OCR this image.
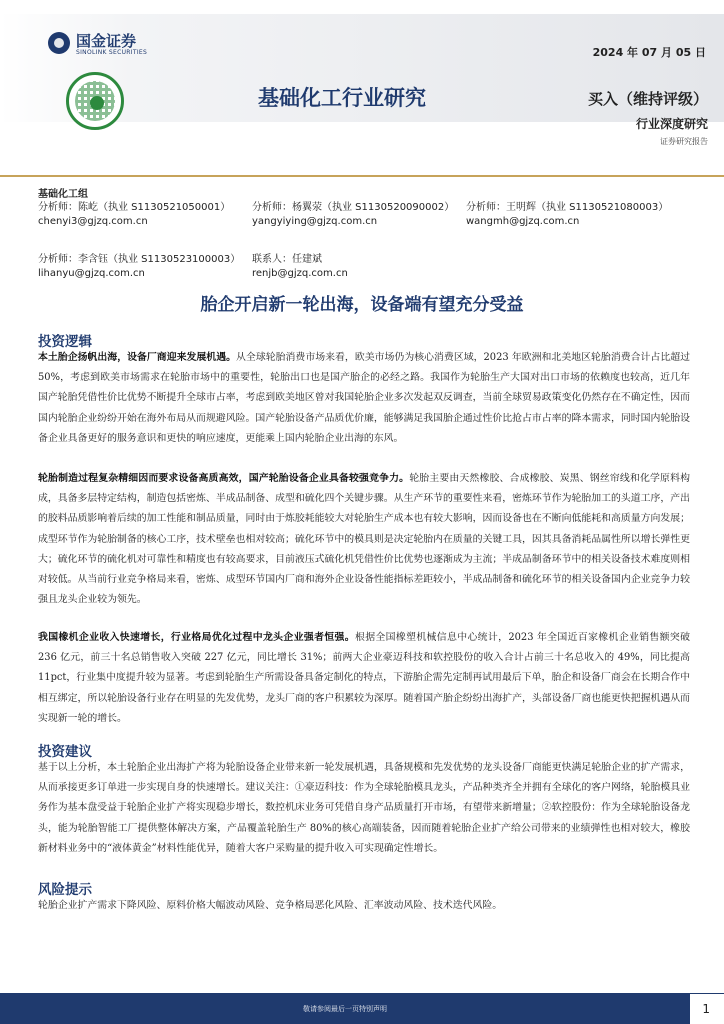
国金证券
SINOLINK SECURITIES	2024 年 07 月 05 日
基础化工行业研究	买入（维持评级）
行业深度研究
证券研究报告
基础化工组
分析师：陈屹（执业 S1130521050001）
chenyi3@gjzq.com.cn
分析师：杨翼荥（执业 S1130520090002）
yangyiying@gjzq.com.cn
分析师：王明辉（执业 S1130521080003）
wangmh@gjzq.com.cn
分析师：李含钰（执业 S1130523100003）
lihanyu@gjzq.com.cn
联系人：任建斌
renjb@gjzq.com.cn
胎企开启新一轮出海，设备端有望充分受益
投资逻辑
本土胎企扬帆出海，设备厂商迎来发展机遇。从全球轮胎消费市场来看，欧美市场仍为核心消费区域，2023 年欧洲和北美地区轮胎消费合计占比超过 50%，考虑到欧美市场需求在轮胎市场中的重要性，轮胎出口也是国产胎企的必经之路。我国作为轮胎生产大国对出口市场的依赖度也较高，近几年国产轮胎凭借性价比优势不断提升全球市占率，考虑到欧美地区曾对我国轮胎企业多次发起双反调查，当前全球贸易政策变化仍然存在不确定性，因而国内轮胎企业纷纷开始在海外布局从而规避风险。国产轮胎设备产品质优价廉，能够满足我国胎企通过性价比抢占市占率的降本需求，同时国内轮胎设备企业具备更好的服务意识和更快的响应速度，更能乘上国内轮胎企业出海的东风。
轮胎制造过程复杂精细因而要求设备高质高效，国产轮胎设备企业具备较强竞争力。轮胎主要由天然橡胶、合成橡胶、炭黑、钢丝帘线和化学原料构成，具备多层特定结构，制造包括密炼、半成品制备、成型和硫化四个关键步骤。从生产环节的重要性来看，密炼环节作为轮胎加工的头道工序，产出的胶料品质影响着后续的加工性能和制品质量，同时由于炼胶耗能较大对轮胎生产成本也有较大影响，因而设备也在不断向低能耗和高质量方向发展；成型环节作为轮胎制备的核心工序，技术壁垒也相对较高；硫化环节中的模具则是决定轮胎内在质量的关键工具，因其具备消耗品属性所以增长弹性更大；硫化环节的硫化机对可靠性和精度也有较高要求，目前液压式硫化机凭借性价比优势也逐渐成为主流；半成品制备环节中的相关设备技术难度则相对较低。从当前行业竞争格局来看，密炼、成型环节国内厂商和海外企业设备性能指标差距较小，半成品制备和硫化环节的相关设备国内企业竞争力较强且龙头企业较为领先。
我国橡机企业收入快速增长，行业格局优化过程中龙头企业强者恒强。根据全国橡塑机械信息中心统计，2023 年全国近百家橡机企业销售额突破 236 亿元，前三十名总销售收入突破 227 亿元，同比增长 31%；前两大企业豪迈科技和软控股份的收入合计占前三十名总收入的 49%，同比提高 11pct，行业集中度提升较为显著。考虑到轮胎生产所需设备具备定制化的特点，下游胎企需先定制再试用最后下单，胎企和设备厂商会在长期合作中相互绑定，所以轮胎设备行业存在明显的先发优势，龙头厂商的客户积累较为深厚。随着国产胎企纷纷出海扩产，头部设备厂商也能更快把握机遇从而实现新一轮的增长。
投资建议
基于以上分析，本土轮胎企业出海扩产将为轮胎设备企业带来新一轮发展机遇，具备规模和先发优势的龙头设备厂商能更快满足轮胎企业的扩产需求，从而承接更多订单进一步实现自身的快速增长。建议关注：①豪迈科技：作为全球轮胎模具龙头，产品种类齐全并拥有全球化的客户网络，轮胎模具业务作为基本盘受益于轮胎企业扩产将实现稳步增长，数控机床业务可凭借自身产品质量打开市场，有望带来新增量；②软控股份：作为全球轮胎设备龙头，能为轮胎智能工厂提供整体解决方案，产品覆盖轮胎生产 80%的核心高端装备，因而随着轮胎企业扩产给公司带来的业绩弹性也相对较大，橡胶新材料业务中的“液体黄金”材料性能优异，随着大客户采购量的提升收入可实现确定性增长。
风险提示
轮胎企业扩产需求下降风险、原料价格大幅波动风险、竞争格局恶化风险、汇率波动风险、技术迭代风险。
敬请参阅最后一页特别声明	1
